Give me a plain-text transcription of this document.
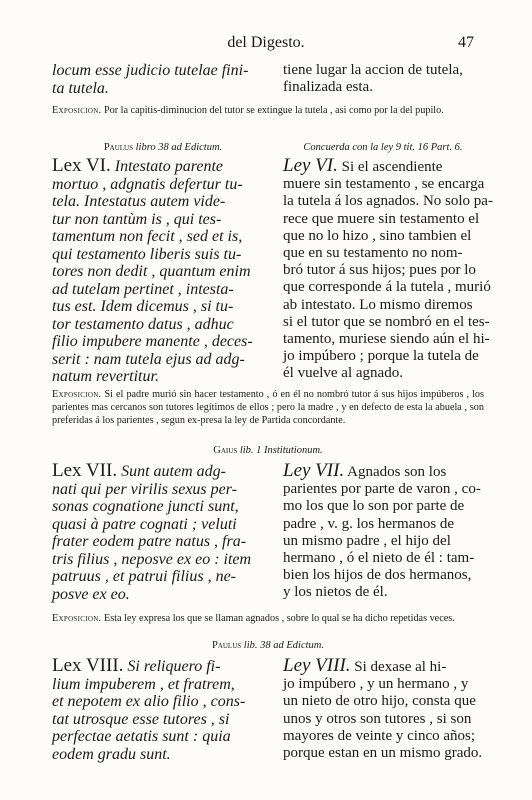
del Digesto.	47
locum esse judicio tutelae fini-
ta tutela.
tiene lugar la accion de tutela,
finalizada esta.
Exposicion. Por la capitis-diminucion del tutor se extingue la tutela , asi como por la del pupilo.
Paulus libro 38 ad Edictum.	Concuerda con la ley 9 tit. 16 Part. 6.
Lex VI. Intestato parente
mortuo , adgnatis defertur tu-
tela. Intestatus autem vide-
tur non tantùm is , qui tes-
tamentum non fecit , sed et is,
qui testamento liberis suis tu-
tores non dedit , quantum enim
ad tutelam pertinet , intesta-
tus est. Idem dicemus , si tu-
tor testamento datus , adhuc
filio impubere manente , deces-
serit : nam tutela ejus ad adg-
natum revertitur.
Ley VI. Si el ascendiente
muere sin testamento , se encarga
la tutela á los agnados. No solo pa-
rece que muere sin testamento el
que no lo hizo , sino tambien el
que en su testamento no nom-
bró tutor á sus hijos; pues por lo
que corresponde á la tutela , murió
ab intestato. Lo mismo diremos
si el tutor que se nombró en el tes-
tamento, muriese siendo aún el hi-
jo impúbero ; porque la tutela de
él vuelve al agnado.
Exposicion. Si el padre murió sin hacer testamento , ó en él no nombró tutor á sus hijos impúberos , los parientes mas cercanos son tutores legítimos de ellos ; pero la madre , y en defecto de esta la abuela , son preferidas á los parientes , segun ex-presa la ley de Partida concordante.
Gaius lib. 1 Institutionum.
Lex VII. Sunt autem adg-
nati qui per virilis sexus per-
sonas cognatione juncti sunt,
quasi à patre cognati ; veluti
frater eodem patre natus , fra-
tris filius , neposve ex eo : item
patruus , et patrui filius , ne-
posve ex eo.
Ley VII. Agnados son los
parientes por parte de varon , co-
mo los que lo son por parte de
padre , v. g. los hermanos de
un mismo padre , el hijo del
hermano , ó el nieto de él : tam-
bien los hijos de dos hermanos,
y los nietos de él.
Exposicion. Esta ley expresa los que se llaman agnados , sobre lo qual se ha dicho repetidas veces.
Paulus lib. 38 ad Edictum.
Lex VIII. Si reliquero fi-
lium impuberem , et fratrem,
et nepotem ex alio filio , cons-
tat utrosque esse tutores , si
perfectae aetatis sunt : quia
eodem gradu sunt.
Ley VIII. Si dexase al hi-
jo impúbero , y un hermano , y
un nieto de otro hijo, consta que
unos y otros son tutores , si son
mayores de veinte y cinco años;
porque estan en un mismo grado.
